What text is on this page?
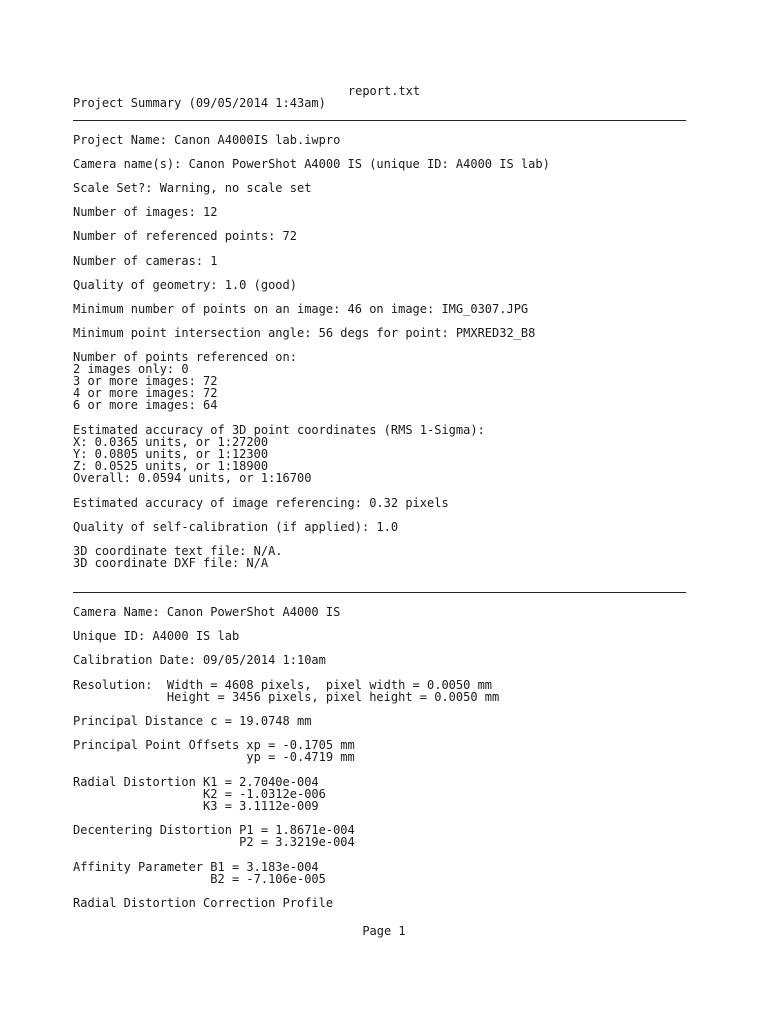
report.txt
Project Summary (09/05/2014 1:43am)
Project Name: Canon A4000IS lab.iwpro
Camera name(s): Canon PowerShot A4000 IS (unique ID: A4000 IS lab)
Scale Set?: Warning, no scale set
Number of images: 12
Number of referenced points: 72
Number of cameras: 1
Quality of geometry: 1.0 (good)
Minimum number of points on an image: 46 on image: IMG_0307.JPG
Minimum point intersection angle: 56 degs for point: PMXRED32_B8
Number of points referenced on:
2 images only: 0
3 or more images: 72
4 or more images: 72
6 or more images: 64
Estimated accuracy of 3D point coordinates (RMS 1-Sigma):
X: 0.0365 units, or 1:27200
Y: 0.0805 units, or 1:12300
Z: 0.0525 units, or 1:18900
Overall: 0.0594 units, or 1:16700
Estimated accuracy of image referencing: 0.32 pixels
Quality of self-calibration (if applied): 1.0
3D coordinate text file: N/A.
3D coordinate DXF file: N/A
Camera Name: Canon PowerShot A4000 IS
Unique ID: A4000 IS lab
Calibration Date: 09/05/2014 1:10am
Resolution:  Width = 4608 pixels,  pixel width = 0.0050 mm
Height = 3456 pixels, pixel height = 0.0050 mm
Principal Distance c = 19.0748 mm
Principal Point Offsets xp = -0.1705 mm
yp = -0.4719 mm
Radial Distortion K1 = 2.7040e-004
K2 = -1.0312e-006
K3 = 3.1112e-009
Decentering Distortion P1 = 1.8671e-004
P2 = 3.3219e-004
Affinity Parameter B1 = 3.183e-004
B2 = -7.106e-005
Radial Distortion Correction Profile
Page 1
